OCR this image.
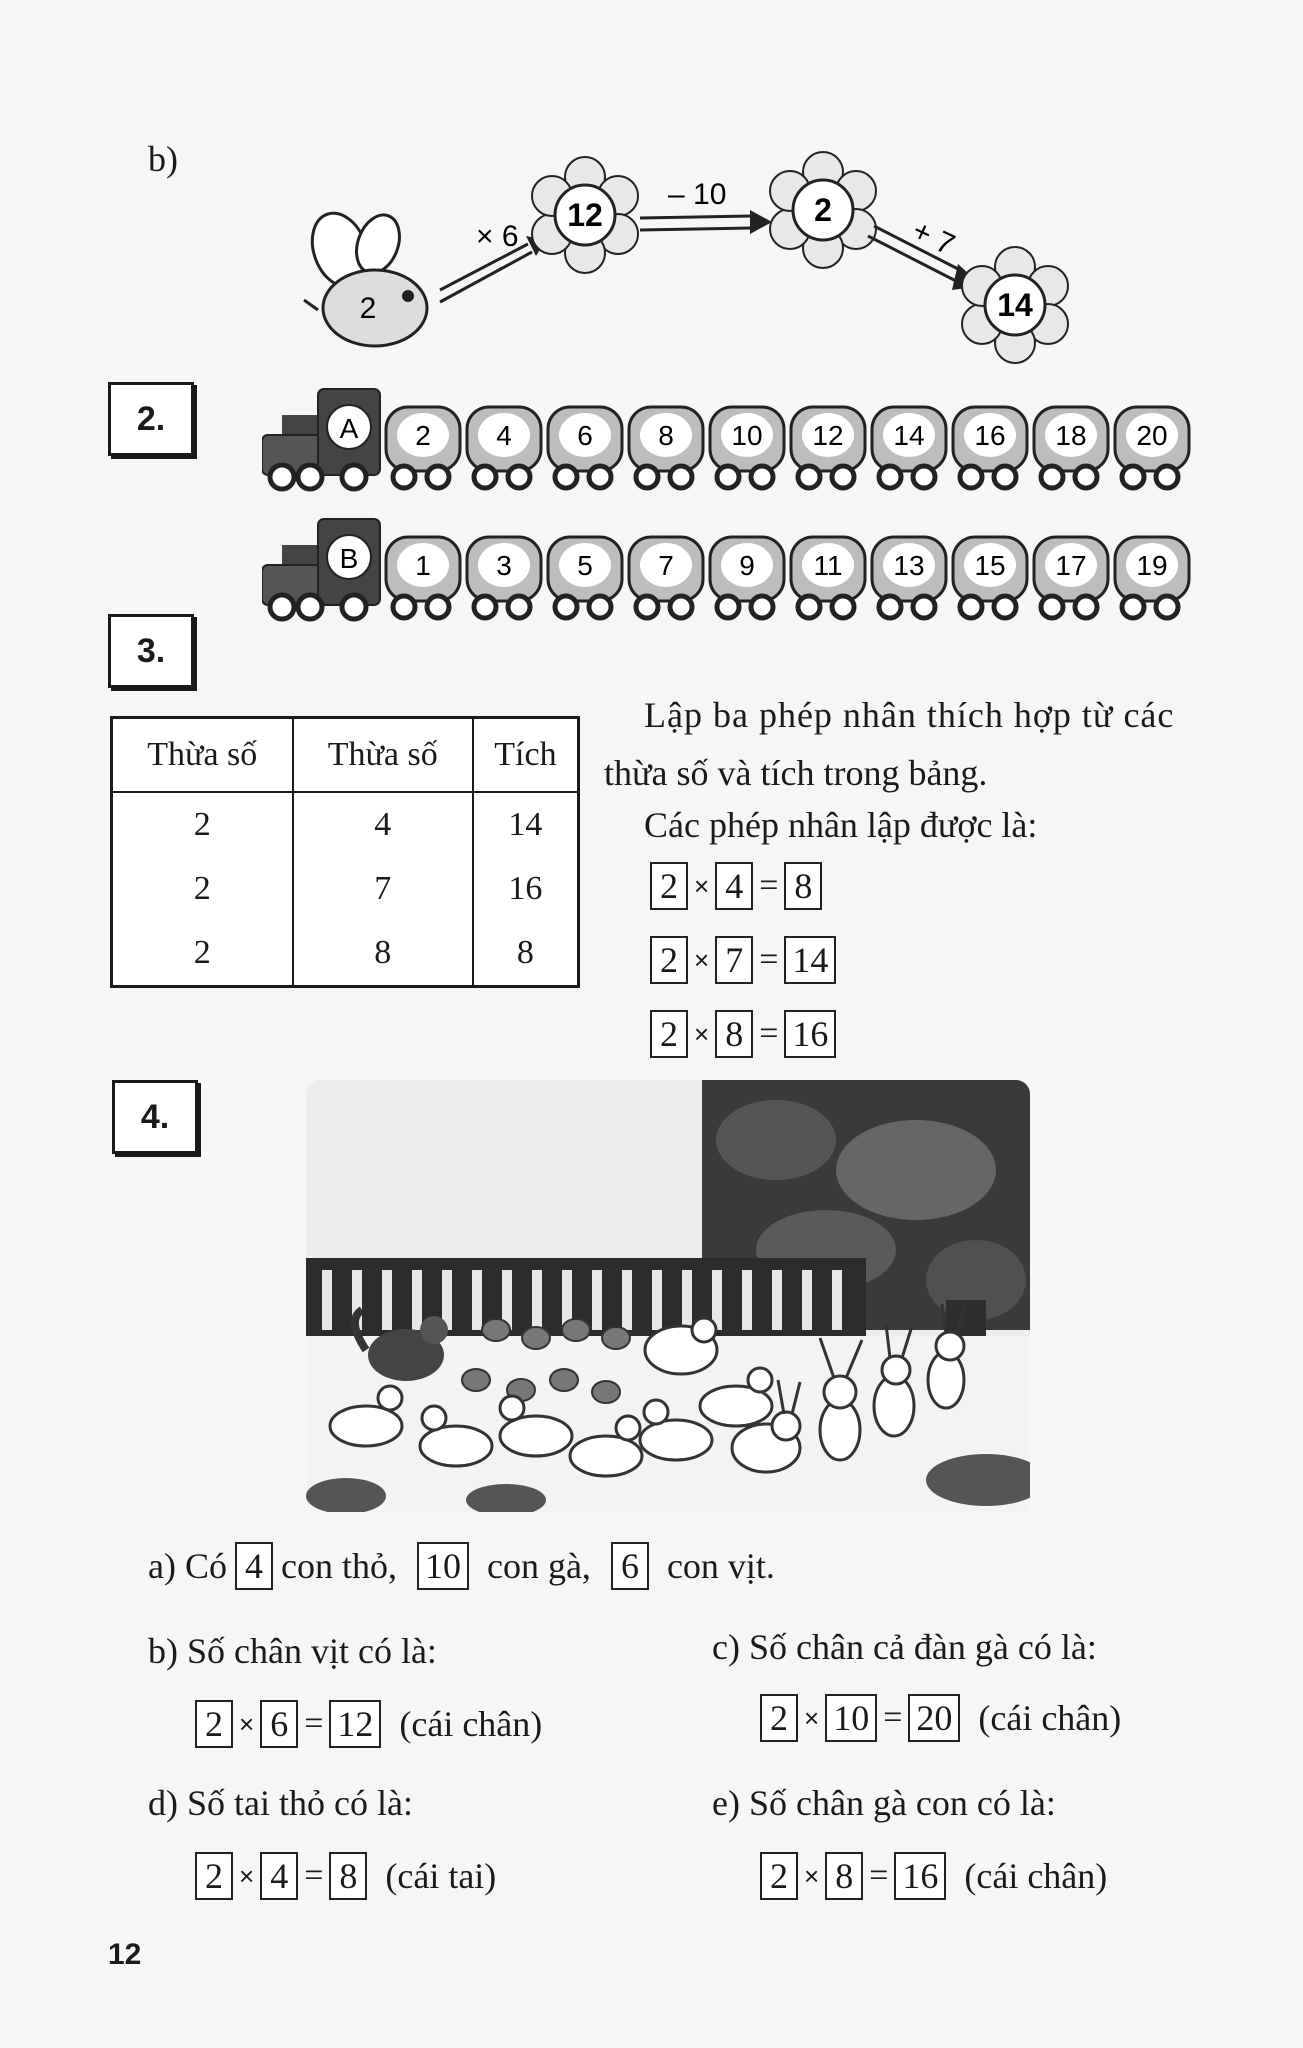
b)
2
× 6
12
– 10	2
+ 7
14
2.	A 2 4 6 8 10 12 14 16 18 20
B 1 3 5 7 9 11 13 15 17 19
3.
Thừa số	Thừa số	Tích
2	4	14
2	7	16
2	8	8
Lập ba phép nhân thích hợp từ các
thừa số và tích trong bảng.
Các phép nhân lập được là:
2 × 4 = 8
2 × 7 = 14
2 × 8 = 16
4.
a) Có 4 con thỏ, 10 con gà, 6 con vịt.
b) Số chân vịt có là:
2 × 6 = 12 (cái chân)
c) Số chân cả đàn gà có là:
2 × 10 = 20 (cái chân)
d) Số tai thỏ có là:
2 × 4 = 8 (cái tai)
e) Số chân gà con có là:
2 × 8 = 16 (cái chân)
12
